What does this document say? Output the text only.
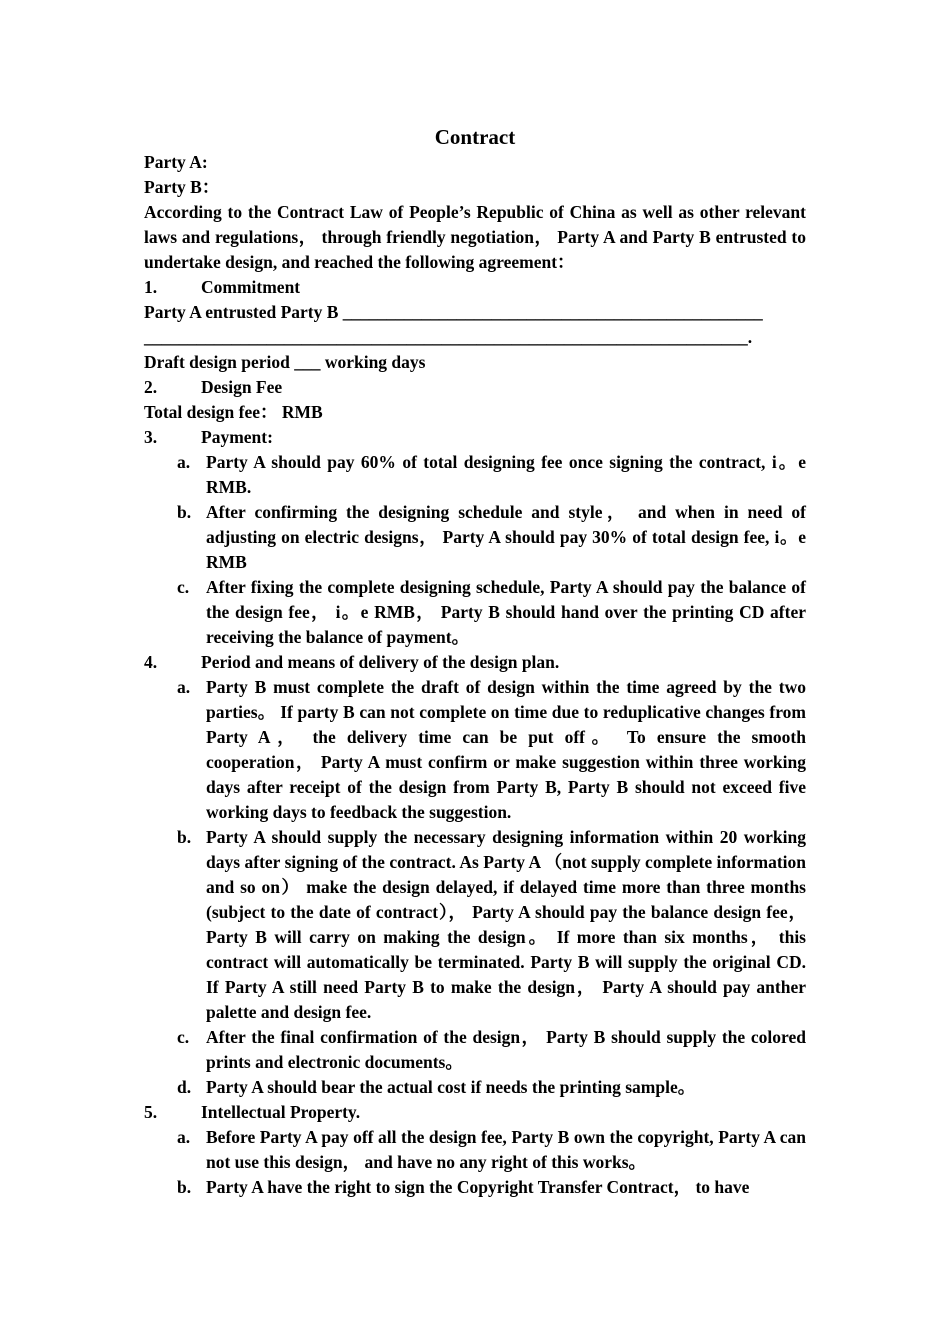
Contract

Party A:

Party B：

According to the Contract Law of People’s Republic of China as well as other relevant laws and regulations， through friendly negotiation， Party A and Party B entrusted to undertake design, and reached the following agreement：

1.	Commitment

Party A entrusted Party B ________________________________________________

_____________________________________________________________________.

Draft design period ___ working days

2.	Design Fee

Total design fee： RMB

3.	Payment:
a. Party A should pay 60% of total designing fee once signing the contract, i。e RMB.
b. After confirming the designing schedule and style， and when in need of adjusting on electric designs， Party A should pay 30% of total design fee, i。e RMB
c. After fixing the complete designing schedule, Party A should pay the balance of the design fee， i。e RMB， Party B should hand over the printing CD after receiving the balance of payment。
4.	Period and means of delivery of the design plan.
a. Party B must complete the draft of design within the time agreed by the two parties。 If party B can not complete on time due to reduplicative changes from Party A， the delivery time can be put off。 To ensure the smooth cooperation， Party A must confirm or make suggestion within three working days after receipt of the design from Party B, Party B should not exceed five working days to feedback the suggestion.
b. Party A should supply the necessary designing information within 20 working days after signing of the contract. As Party A （not supply complete information and so on） make the design delayed, if delayed time more than three months (subject to the date of contract）， Party A should pay the balance design fee， Party B will carry on making the design。 If more than six months， this contract will automatically be terminated. Party B will supply the original CD. If Party A still need Party B to make the design， Party A should pay anther palette and design fee.
c. After the final confirmation of the design， Party B should supply the colored prints and electronic documents。
d. Party A should bear the actual cost if needs the printing sample。
5.	Intellectual Property.
a. Before Party A pay off all the design fee, Party B own the copyright, Party A can not use this design， and have no any right of this works。
b. Party A have the right to sign the Copyright Transfer Contract， to have
